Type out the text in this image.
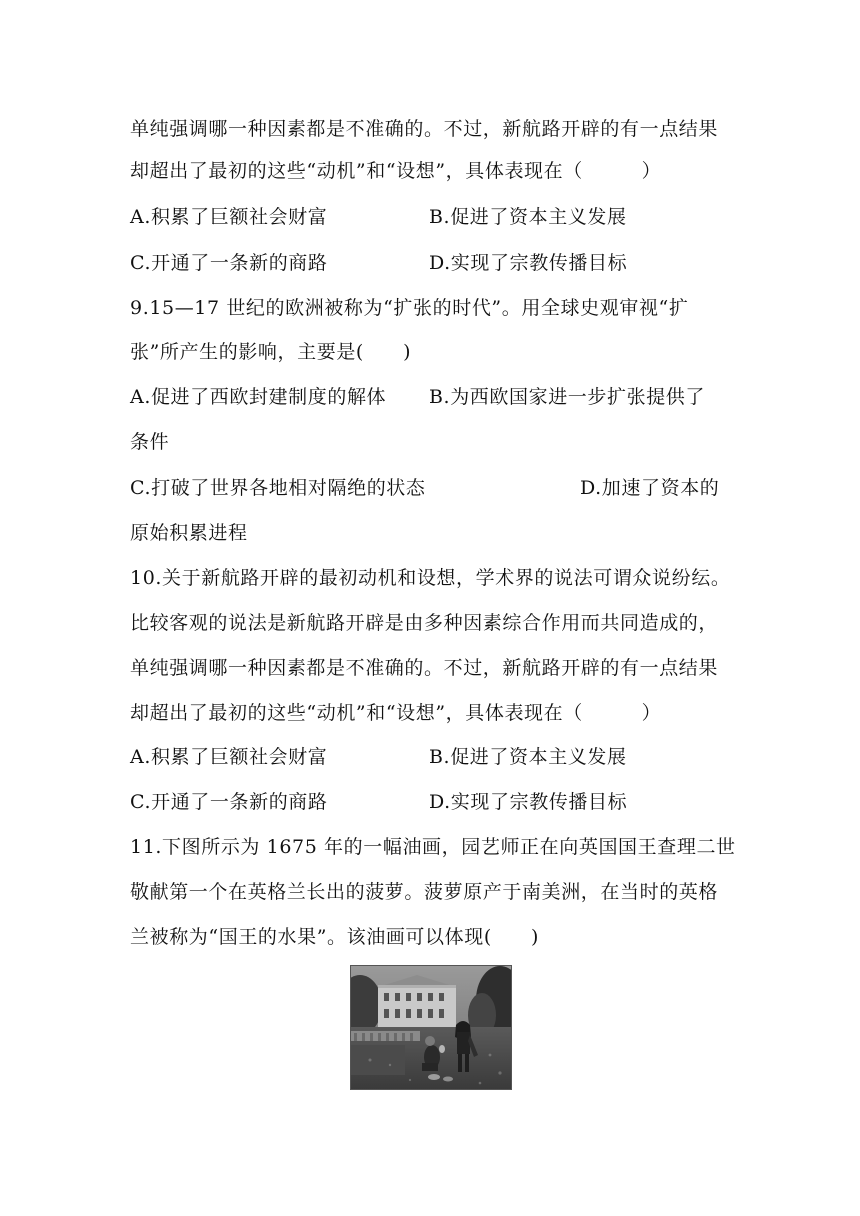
单纯强调哪一种因素都是不准确的。不过，新航路开辟的有一点结果
却超出了最初的这些“动机”和“设想”，具体表现在（　　　）
A.积累了巨额社会财富	B.促进了资本主义发展
C.开通了一条新的商路	D.实现了宗教传播目标
9.15—17 世纪的欧洲被称为“扩张的时代”。用全球史观审视“扩
张”所产生的影响，主要是(　　)
A.促进了西欧封建制度的解体 B.为西欧国家进一步扩张提供了
条件
C.打破了世界各地相对隔绝的状态	D.加速了资本的
原始积累进程
10.关于新航路开辟的最初动机和设想，学术界的说法可谓众说纷纭。
比较客观的说法是新航路开辟是由多种因素综合作用而共同造成的，
单纯强调哪一种因素都是不准确的。不过，新航路开辟的有一点结果
却超出了最初的这些“动机”和“设想”，具体表现在（　　　）
A.积累了巨额社会财富	B.促进了资本主义发展
C.开通了一条新的商路	D.实现了宗教传播目标
11.下图所示为 1675 年的一幅油画，园艺师正在向英国国王查理二世
敬献第一个在英格兰长出的菠萝。菠萝原产于南美洲，在当时的英格
兰被称为“国王的水果”。该油画可以体现(　　)
